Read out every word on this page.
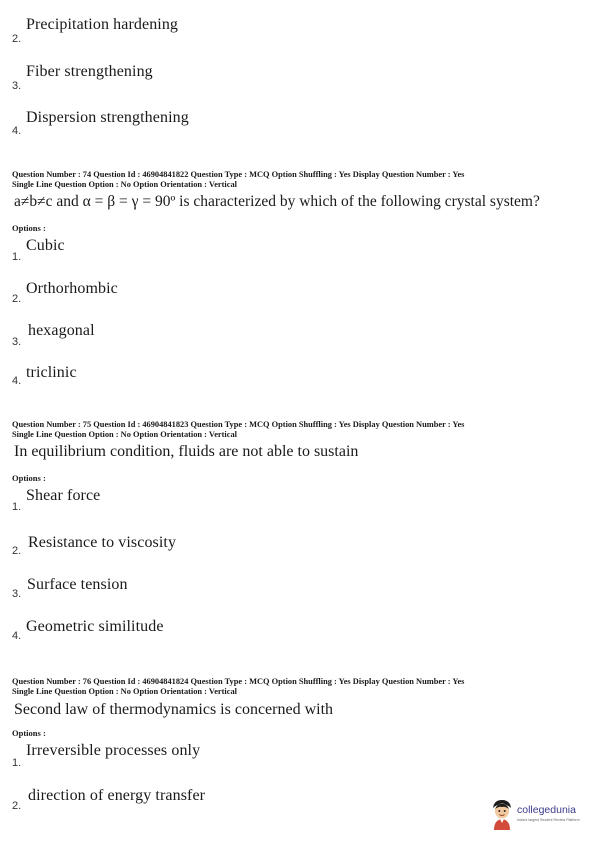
2.
Precipitation hardening
3.
Fiber strengthening
4.
Dispersion strengthening
Question Number : 74 Question Id : 46904841822 Question Type : MCQ Option Shuffling : Yes Display Question Number : Yes
Single Line Question Option : No Option Orientation : Vertical
a≠b≠c and α = β = γ = 90º is characterized by which of the following crystal system?
Options :
1.
Cubic
2.
Orthorhombic
3.
hexagonal
4. triclinic
Question Number : 75 Question Id : 46904841823 Question Type : MCQ Option Shuffling : Yes Display Question Number : Yes
Single Line Question Option : No Option Orientation : Vertical
In equilibrium condition, fluids are not able to sustain
Options :
1.
Shear force
2. Resistance to viscosity
3.
Surface tension
4.
Geometric similitude
Question Number : 76 Question Id : 46904841824 Question Type : MCQ Option Shuffling : Yes Display Question Number : Yes
Single Line Question Option : No Option Orientation : Vertical
Second law of thermodynamics is concerned with
Options :
1.
Irreversible processes only
2.
direction of energy transfer
collegedunia
India's largest Student Review Platform
